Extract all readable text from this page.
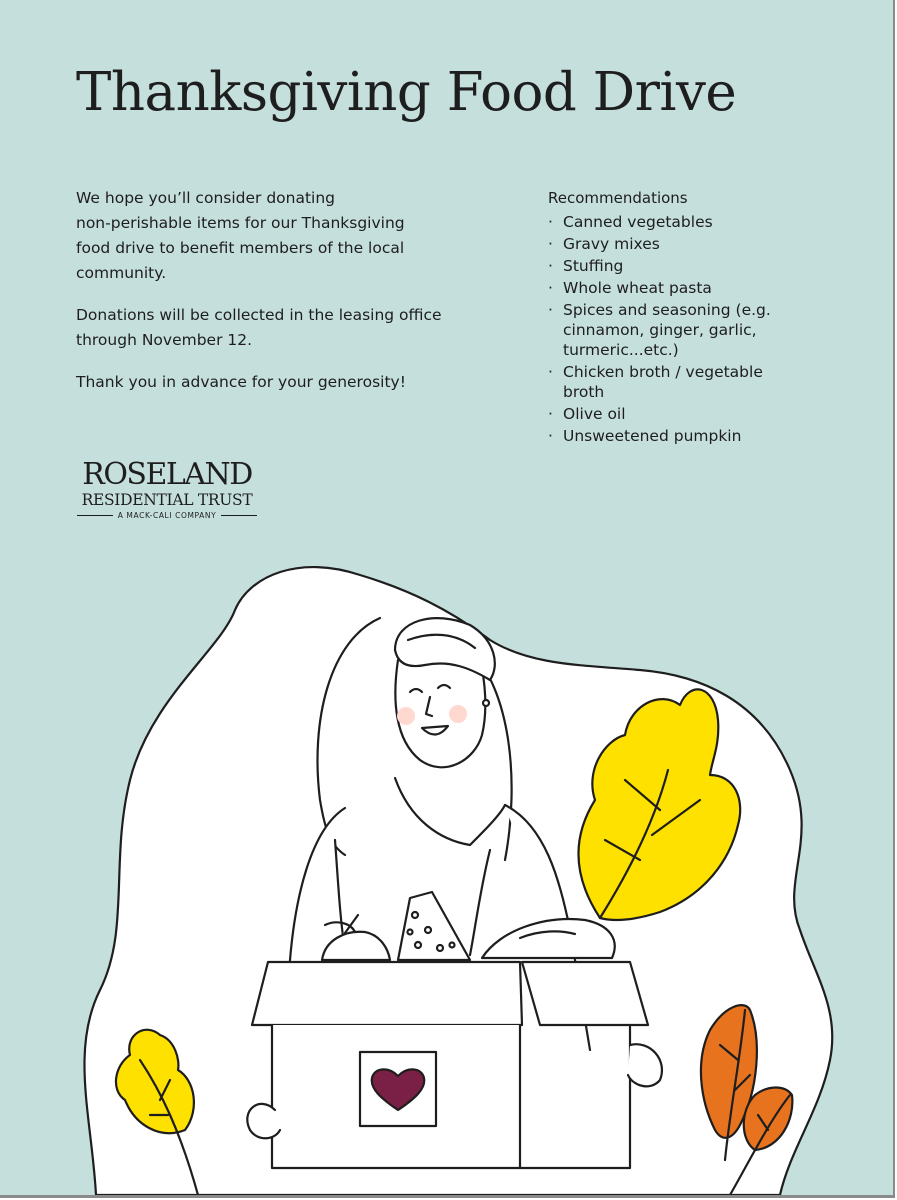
Thanksgiving Food Drive

We hope you’ll consider donating
non-perishable items for our Thanksgiving
food drive to benefit members of the local
community.

Donations will be collected in the leasing office
through November 12.

Thank you in advance for your generosity!

Recommendations
· Canned vegetables
· Gravy mixes
· Stuffing
· Whole wheat pasta
· Spices and seasoning (e.g. cinnamon, ginger, garlic, turmeric...etc.)
· Chicken broth / vegetable broth
· Olive oil
· Unsweetened pumpkin
ROSELAND
RESIDENTIAL TRUST
A MACK-CALI COMPANY
